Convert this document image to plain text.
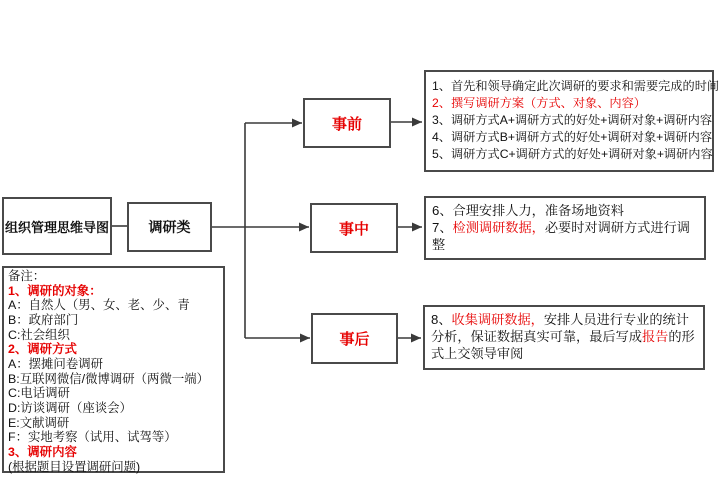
组织管理思维导图	调研类
事前
事中
事后
1、首先和领导确定此次调研的要求和需要完成的时间
2、撰写调研方案（方式、对象、内容）
3、调研方式A+调研方式的好处+调研对象+调研内容
4、调研方式B+调研方式的好处+调研对象+调研内容
5、调研方式C+调研方式的好处+调研对象+调研内容
6、合理安排人力，准备场地资料
7、检测调研数据，必要时对调研方式进行调
整
8、收集调研数据，安排人员进行专业的统计
分析，保证数据真实可靠，最后写成报告的形
式上交领导审阅
备注：
1、调研的对象：
A：自然人（男、女、老、少、青
B：政府部门
C:社会组织
2、调研方式
A：摆摊问卷调研
B:互联网微信/微博调研（两微一端）
C:电话调研
D:访谈调研（座谈会）
E:文献调研
F：实地考察（试用、试驾等）
3、调研内容
(根据题目设置调研问题)
